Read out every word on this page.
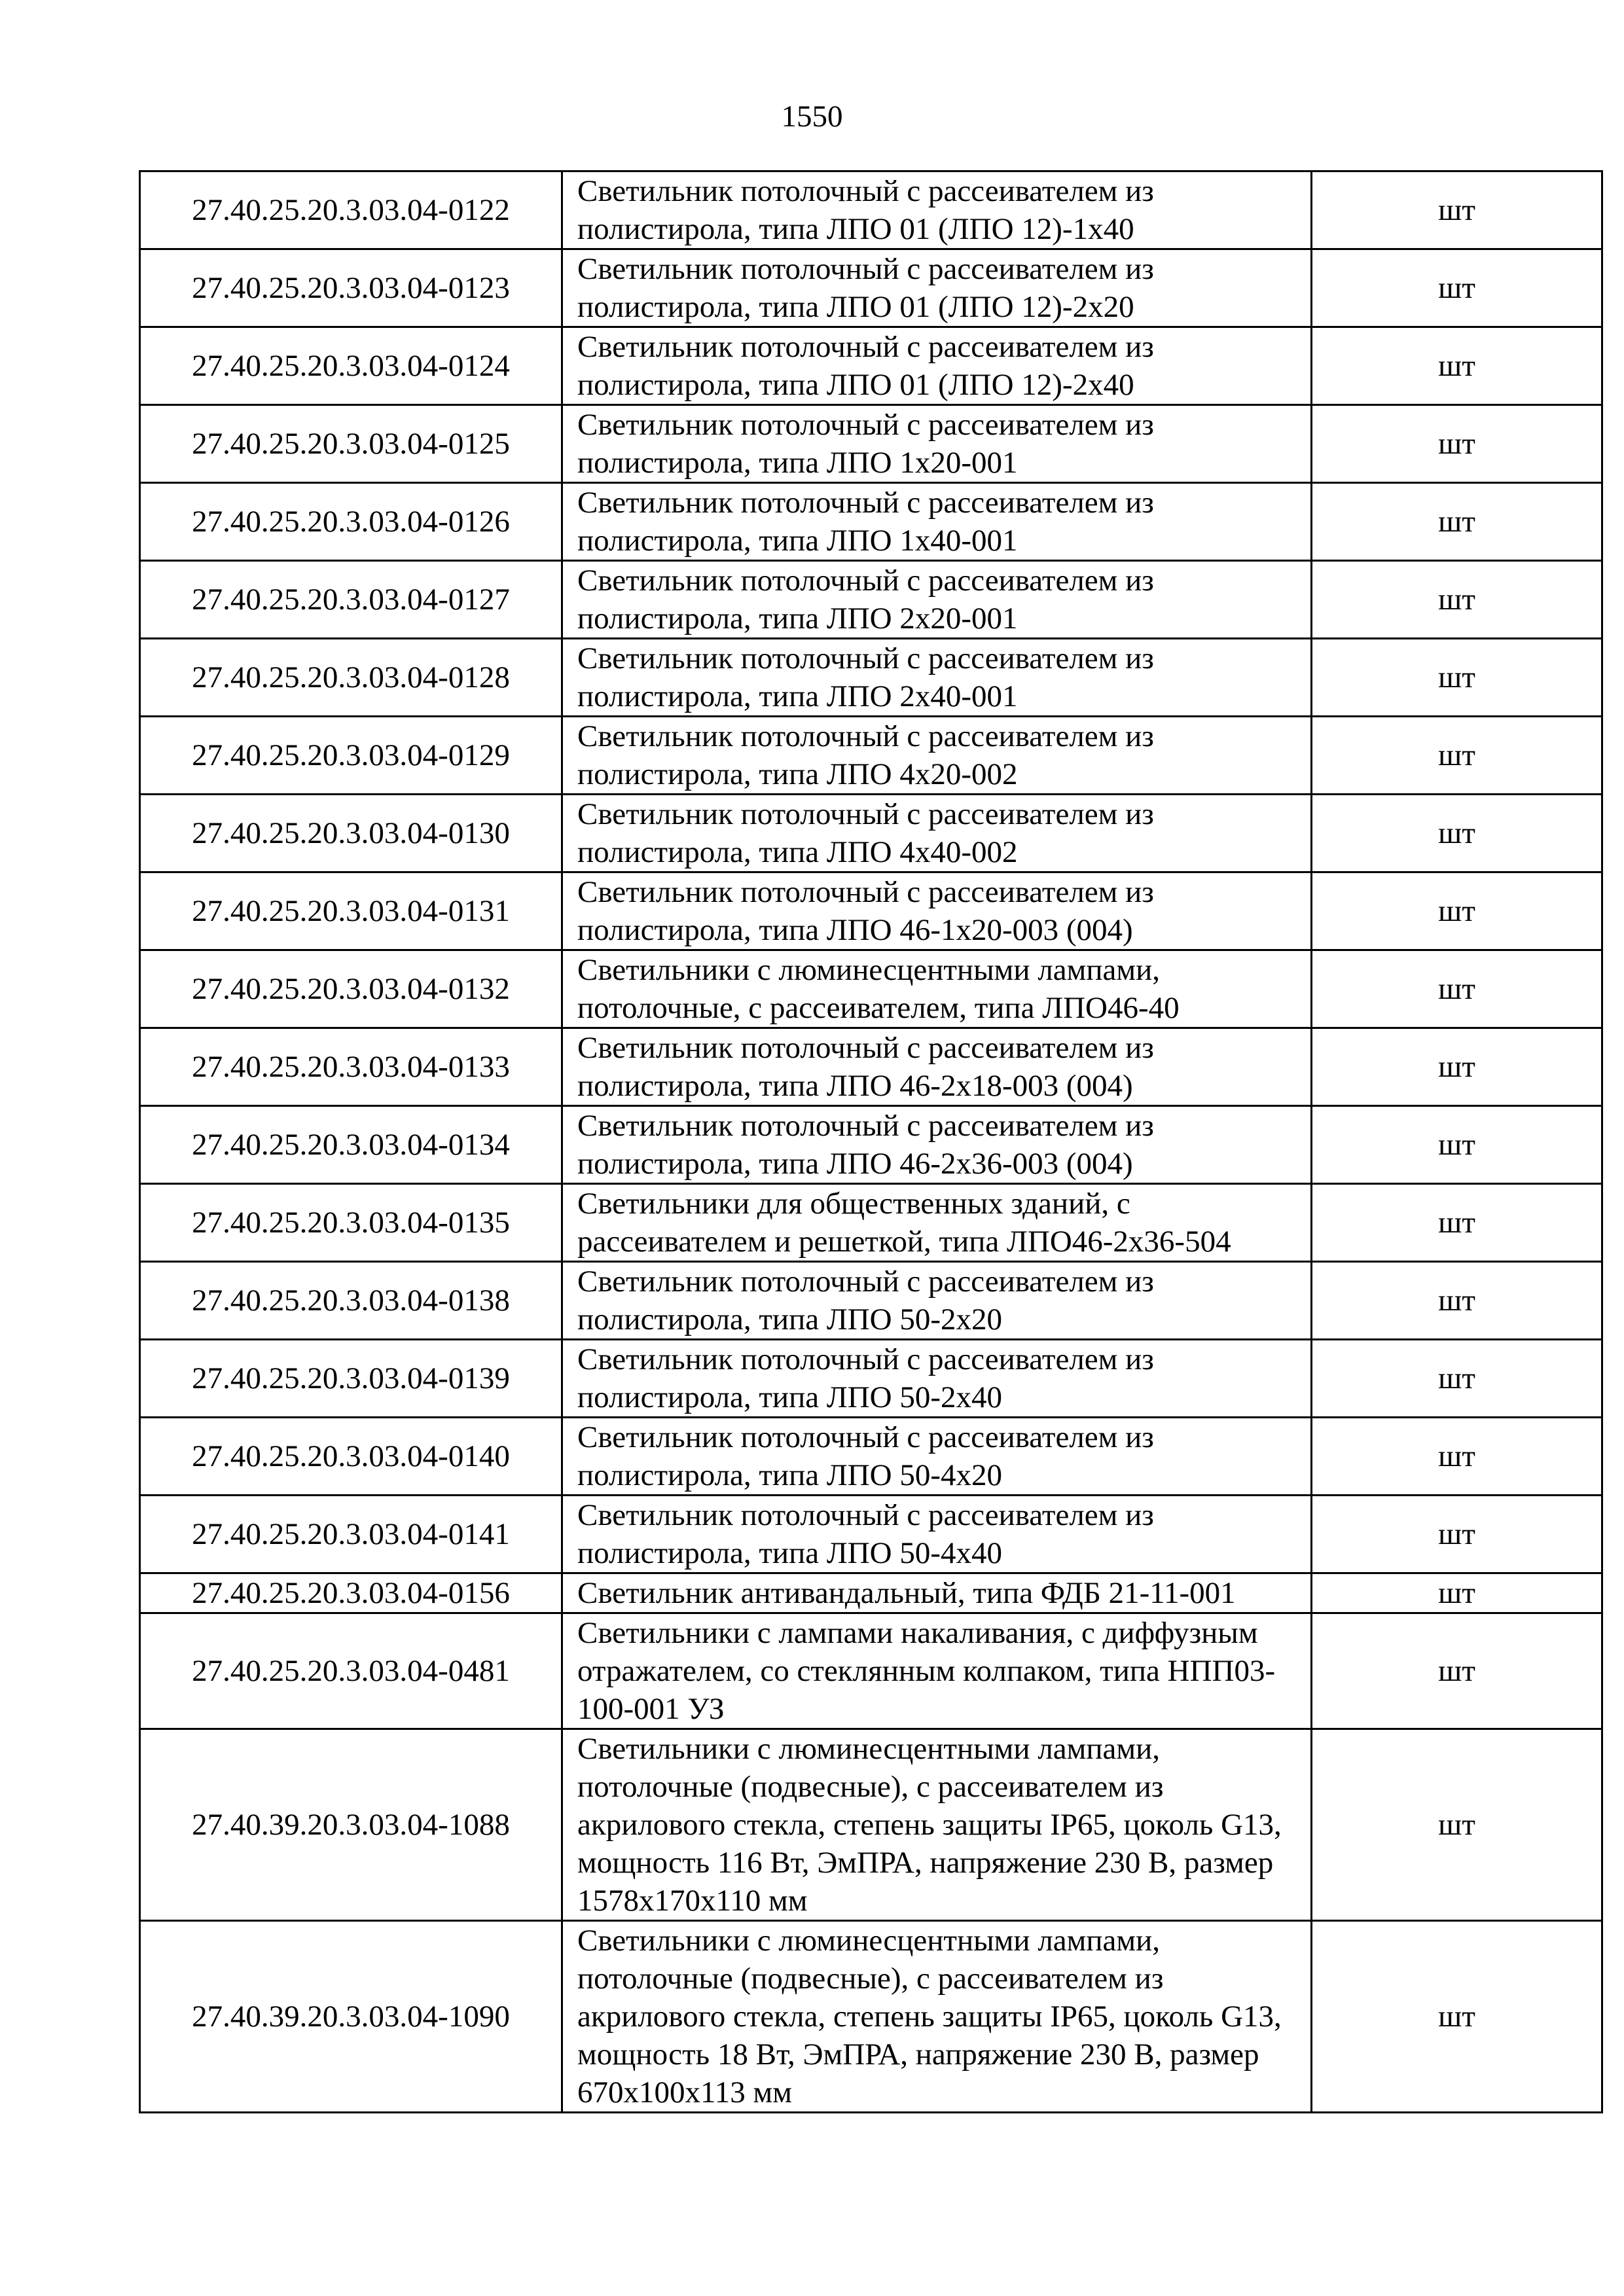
1550
27.40.25.20.3.03.04-0122	Светильник потолочный с рассеивателем из полистирола, типа ЛПО 01 (ЛПО 12)-1х40	шт
27.40.25.20.3.03.04-0123	Светильник потолочный с рассеивателем из полистирола, типа ЛПО 01 (ЛПО 12)-2х20	шт
27.40.25.20.3.03.04-0124	Светильник потолочный с рассеивателем из полистирола, типа ЛПО 01 (ЛПО 12)-2х40	шт
27.40.25.20.3.03.04-0125	Светильник потолочный с рассеивателем из полистирола, типа ЛПО 1х20-001	шт
27.40.25.20.3.03.04-0126	Светильник потолочный с рассеивателем из полистирола, типа ЛПО 1х40-001	шт
27.40.25.20.3.03.04-0127	Светильник потолочный с рассеивателем из полистирола, типа ЛПО 2х20-001	шт
27.40.25.20.3.03.04-0128	Светильник потолочный с рассеивателем из полистирола, типа ЛПО 2х40-001	шт
27.40.25.20.3.03.04-0129	Светильник потолочный с рассеивателем из полистирола, типа ЛПО 4х20-002	шт
27.40.25.20.3.03.04-0130	Светильник потолочный с рассеивателем из полистирола, типа ЛПО 4х40-002	шт
27.40.25.20.3.03.04-0131	Светильник потолочный с рассеивателем из полистирола, типа ЛПО 46-1х20-003 (004)	шт
27.40.25.20.3.03.04-0132	Светильники с люминесцентными лампами, потолочные, с рассеивателем, типа ЛПО46-40	шт
27.40.25.20.3.03.04-0133	Светильник потолочный с рассеивателем из полистирола, типа ЛПО 46-2х18-003 (004)	шт
27.40.25.20.3.03.04-0134	Светильник потолочный с рассеивателем из полистирола, типа ЛПО 46-2х36-003 (004)	шт
27.40.25.20.3.03.04-0135	Светильники для общественных зданий, с рассеивателем и решеткой, типа ЛПО46-2х36-504	шт
27.40.25.20.3.03.04-0138	Светильник потолочный с рассеивателем из полистирола, типа ЛПО 50-2х20	шт
27.40.25.20.3.03.04-0139	Светильник потолочный с рассеивателем из полистирола, типа ЛПО 50-2х40	шт
27.40.25.20.3.03.04-0140	Светильник потолочный с рассеивателем из полистирола, типа ЛПО 50-4х20	шт
27.40.25.20.3.03.04-0141	Светильник потолочный с рассеивателем из полистирола, типа ЛПО 50-4х40	шт
27.40.25.20.3.03.04-0156	Светильник антивандальный, типа ФДБ 21-11-001	шт
27.40.25.20.3.03.04-0481	Светильники с лампами накаливания, с диффузным отражателем, со стеклянным колпаком, типа НПП03-100-001 УЗ	шт
27.40.39.20.3.03.04-1088	Светильники с люминесцентными лампами, потолочные (подвесные), с рассеивателем из акрилового стекла, степень защиты IP65, цоколь G13, мощность 116 Вт, ЭмПРА, напряжение 230 В, размер 1578х170х110 мм	шт
27.40.39.20.3.03.04-1090	Светильники с люминесцентными лампами, потолочные (подвесные), с рассеивателем из акрилового стекла, степень защиты IP65, цоколь G13, мощность 18 Вт, ЭмПРА, напряжение 230 В, размер 670х100х113 мм	шт
